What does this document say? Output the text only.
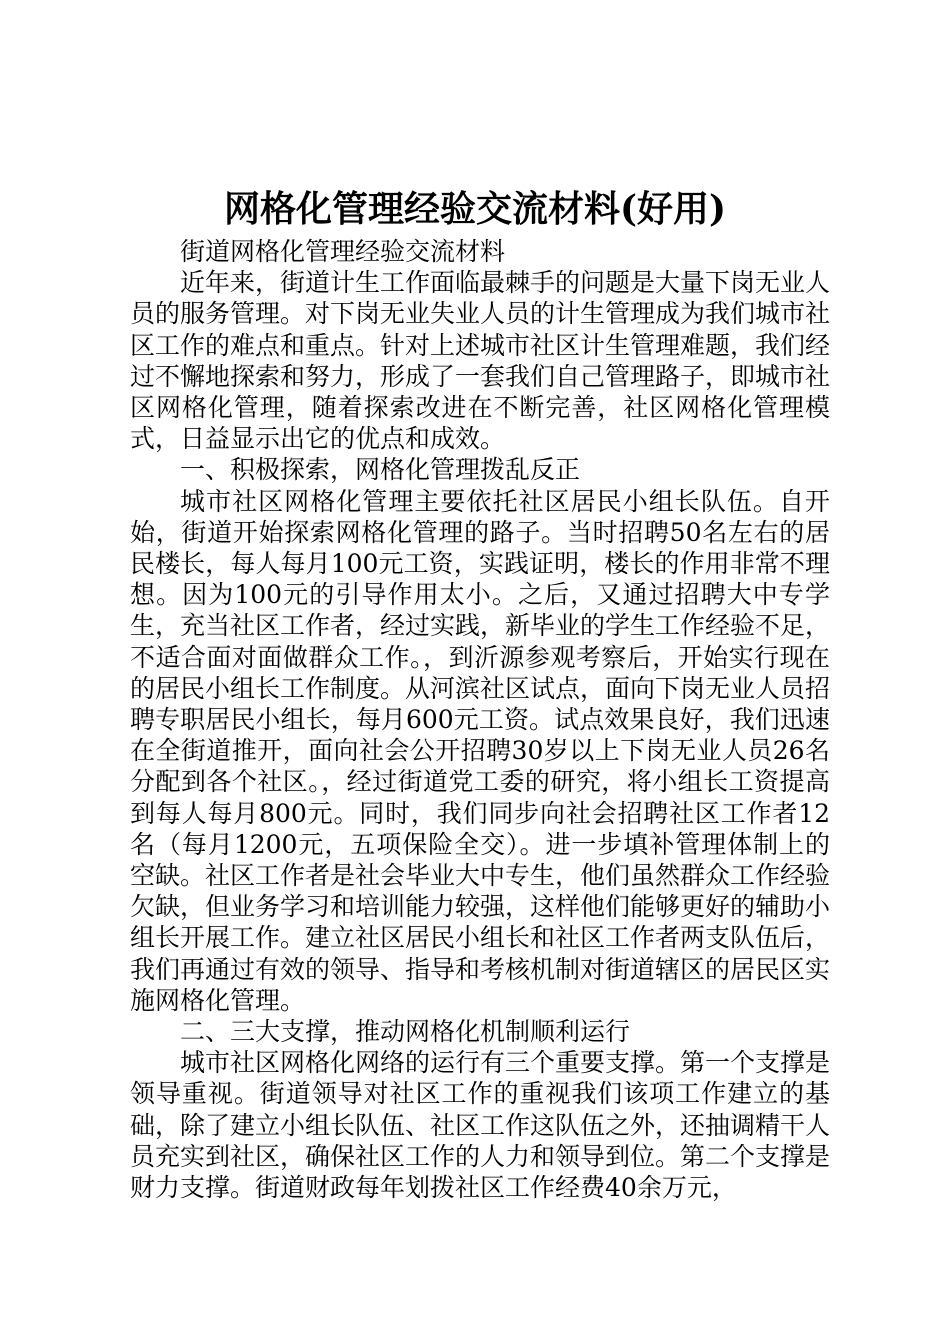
网格化管理经验交流材料(好用)

街道网格化管理经验交流材料

近年来，街道计生工作面临最棘手的问题是大量下岗无业人员的服务管理。对下岗无业失业人员的计生管理成为我们城市社区工作的难点和重点。针对上述城市社区计生管理难题，我们经过不懈地探索和努力，形成了一套我们自己管理路子，即城市社区网格化管理，随着探索改进在不断完善，社区网格化管理模式，日益显示出它的优点和成效。

一、积极探索，网格化管理拨乱反正

城市社区网格化管理主要依托社区居民小组长队伍。自开始，街道开始探索网格化管理的路子。当时招聘50名左右的居民楼长，每人每月100元工资，实践证明，楼长的作用非常不理想。因为100元的引导作用太小。之后，又通过招聘大中专学生，充当社区工作者，经过实践，新毕业的学生工作经验不足，不适合面对面做群众工作。，到沂源参观考察后，开始实行现在的居民小组长工作制度。从河滨社区试点，面向下岗无业人员招聘专职居民小组长，每月600元工资。试点效果良好，我们迅速在全街道推开，面向社会公开招聘30岁以上下岗无业人员26名分配到各个社区。，经过街道党工委的研究，将小组长工资提高到每人每月800元。同时，我们同步向社会招聘社区工作者12名（每月1200元，五项保险全交）。进一步填补管理体制上的空缺。社区工作者是社会毕业大中专生，他们虽然群众工作经验欠缺，但业务学习和培训能力较强，这样他们能够更好的辅助小组长开展工作。建立社区居民小组长和社区工作者两支队伍后，我们再通过有效的领导、指导和考核机制对街道辖区的居民区实施网格化管理。

二、三大支撑，推动网格化机制顺利运行

城市社区网格化网络的运行有三个重要支撑。第一个支撑是领导重视。街道领导对社区工作的重视我们该项工作建立的基础，除了建立小组长队伍、社区工作这队伍之外，还抽调精干人员充实到社区，确保社区工作的人力和领导到位。第二个支撑是财力支撑。街道财政每年划拨社区工作经费40余万元，
